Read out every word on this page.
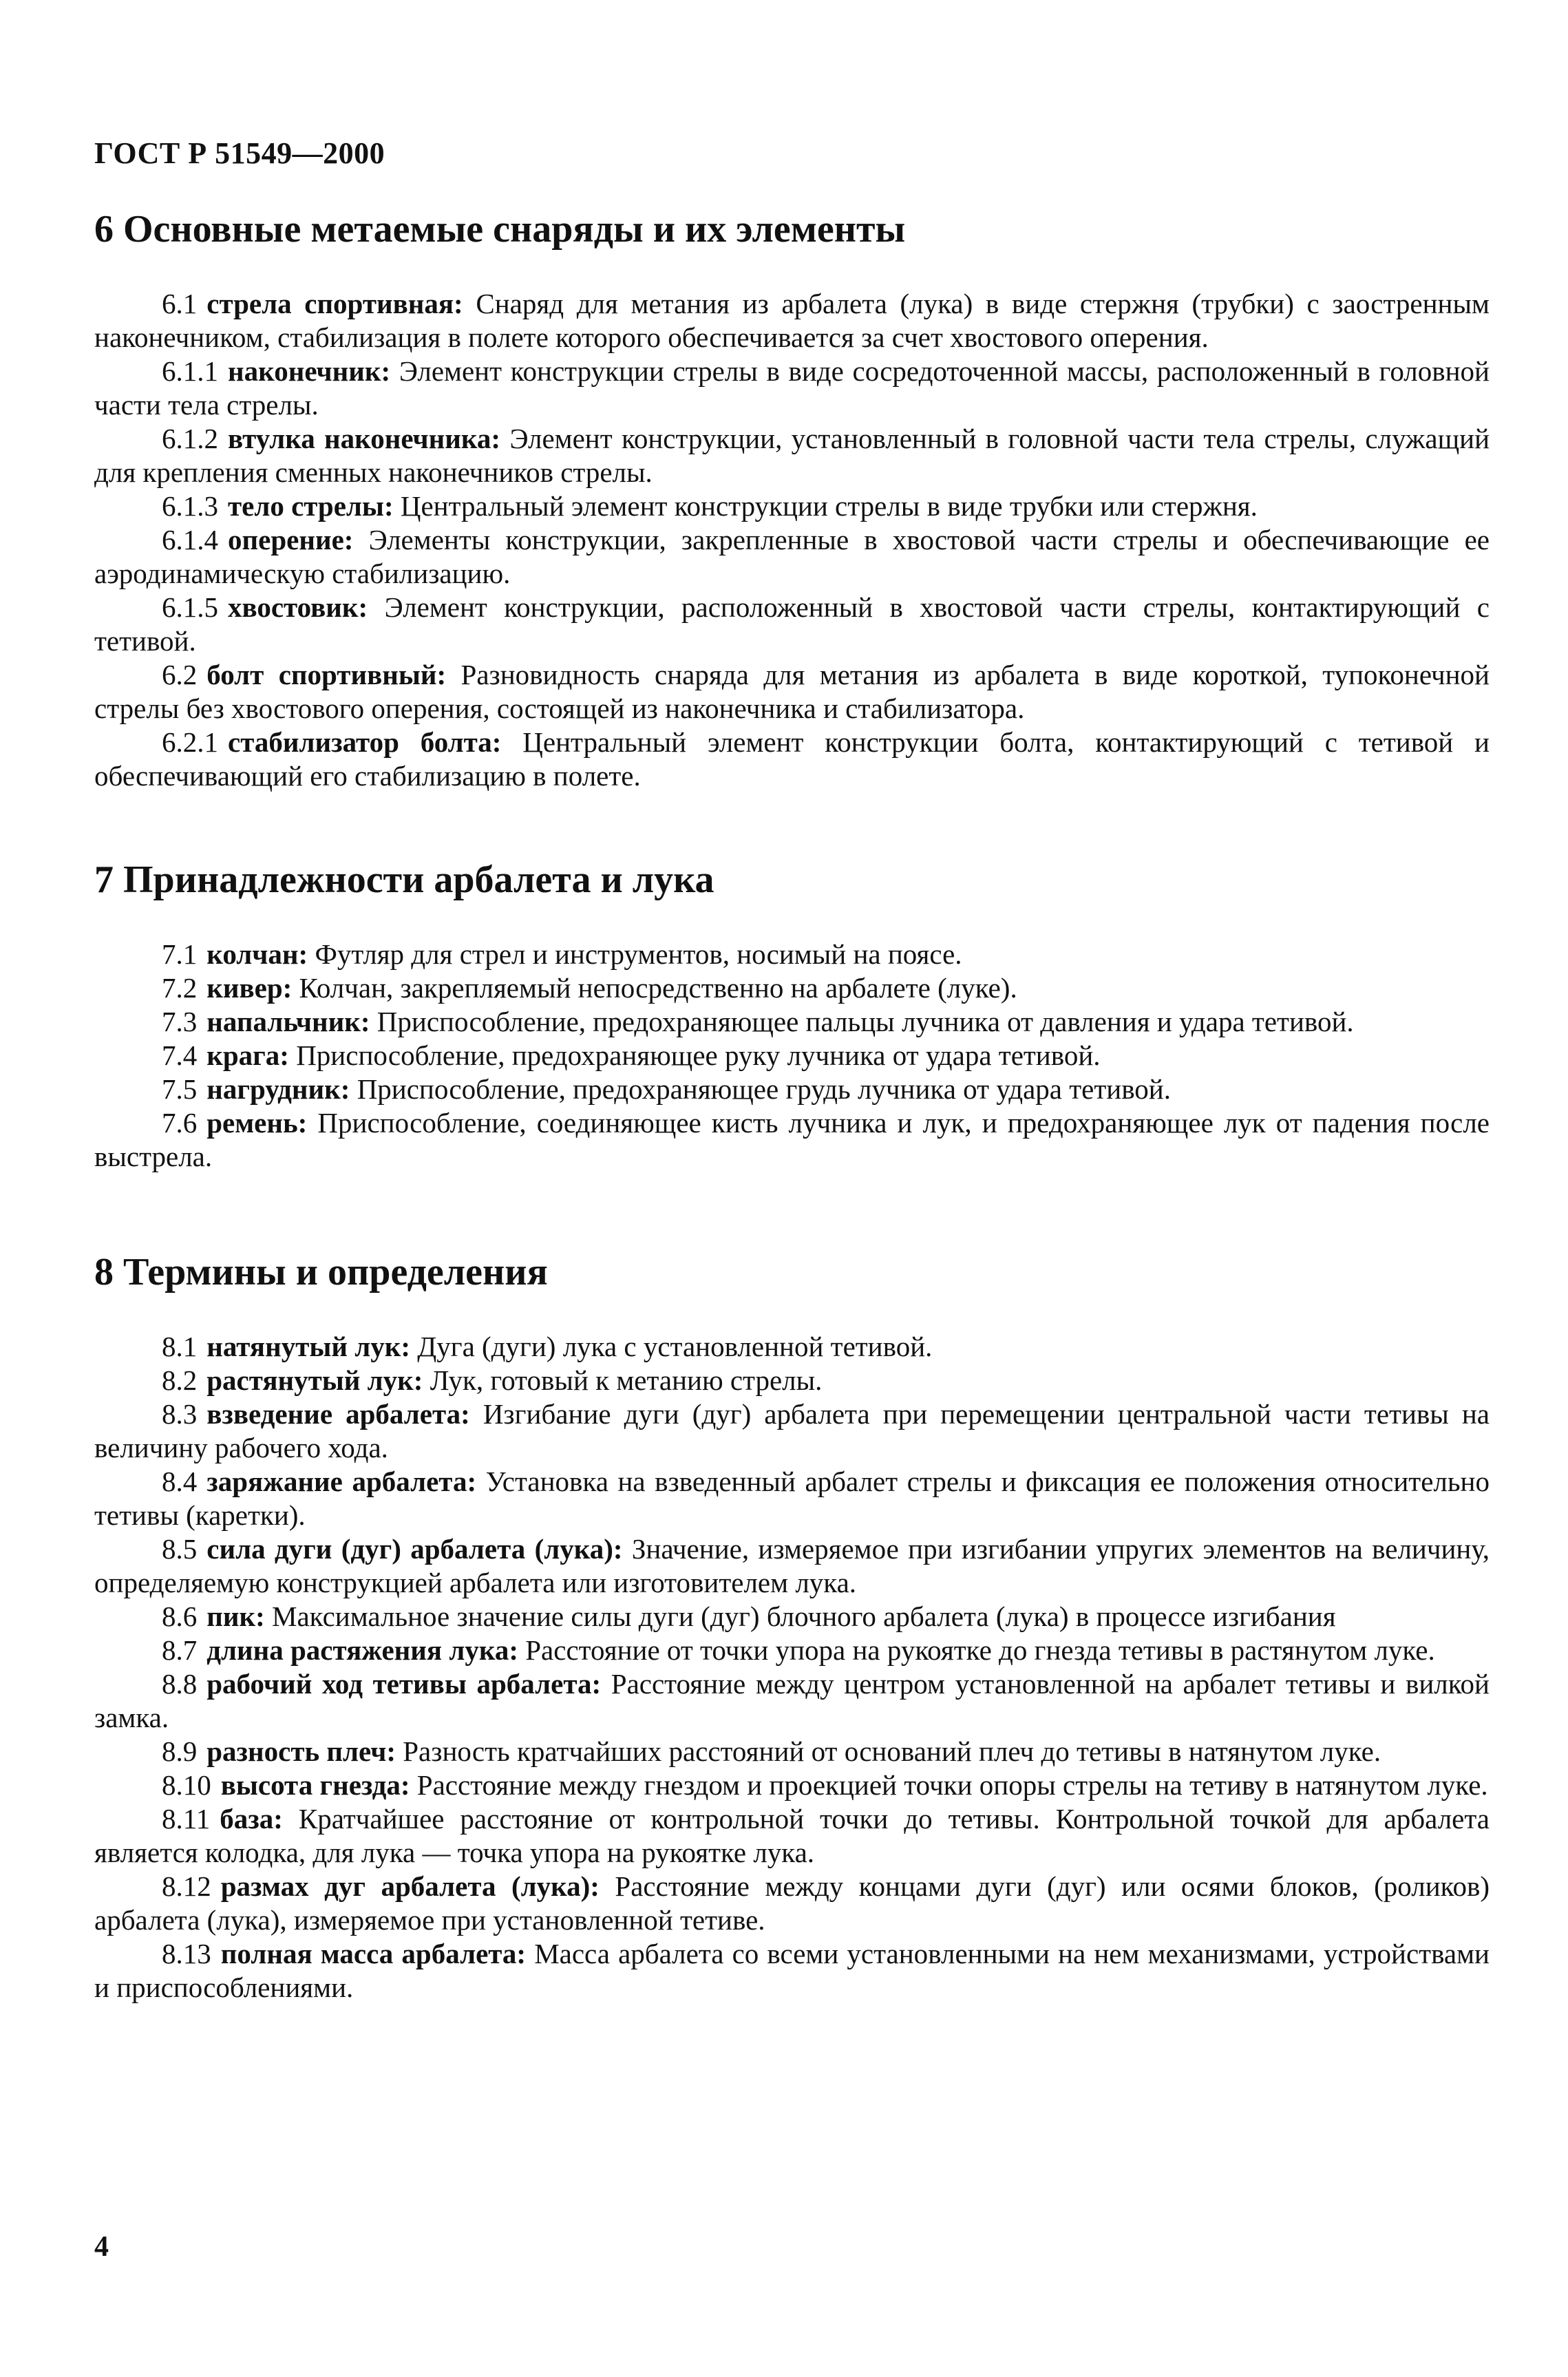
ГОСТ Р 51549—2000
6 Основные метаемые снаряды и их элементы

6.1 стрела спортивная: Снаряд для метания из арбалета (лука) в виде стержня (трубки) с заостренным наконечником, стабилизация в полете которого обеспечивается за счет хвостового оперения.

6.1.1 наконечник: Элемент конструкции стрелы в виде сосредоточенной массы, расположенный в головной части тела стрелы.

6.1.2 втулка наконечника: Элемент конструкции, установленный в головной части тела стрелы, служащий для крепления сменных наконечников стрелы.

6.1.3 тело стрелы: Центральный элемент конструкции стрелы в виде трубки или стержня.

6.1.4 оперение: Элементы конструкции, закрепленные в хвостовой части стрелы и обеспечивающие ее аэродинамическую стабилизацию.

6.1.5 хвостовик: Элемент конструкции, расположенный в хвостовой части стрелы, контактирующий с тетивой.

6.2 болт спортивный: Разновидность снаряда для метания из арбалета в виде короткой, тупоконечной стрелы без хвостового оперения, состоящей из наконечника и стабилизатора.

6.2.1 стабилизатор болта: Центральный элемент конструкции болта, контактирующий с тетивой и обеспечивающий его стабилизацию в полете.

7 Принадлежности арбалета и лука

7.1 колчан: Футляр для стрел и инструментов, носимый на поясе.

7.2 кивер: Колчан, закрепляемый непосредственно на арбалете (луке).

7.3 напальчник: Приспособление, предохраняющее пальцы лучника от давления и удара тетивой.

7.4 крага: Приспособление, предохраняющее руку лучника от удара тетивой.

7.5 нагрудник: Приспособление, предохраняющее грудь лучника от удара тетивой.

7.6 ремень: Приспособление, соединяющее кисть лучника и лук, и предохраняющее лук от падения после выстрела.

8 Термины и определения

8.1 натянутый лук: Дуга (дуги) лука с установленной тетивой.

8.2 растянутый лук: Лук, готовый к метанию стрелы.

8.3 взведение арбалета: Изгибание дуги (дуг) арбалета при перемещении центральной части тетивы на величину рабочего хода.

8.4 заряжание арбалета: Установка на взведенный арбалет стрелы и фиксация ее положения относительно тетивы (каретки).

8.5 сила дуги (дуг) арбалета (лука): Значение, измеряемое при изгибании упругих элементов на величину, определяемую конструкцией арбалета или изготовителем лука.

8.6 пик: Максимальное значение силы дуги (дуг) блочного арбалета (лука) в процессе изгибания

8.7 длина растяжения лука: Расстояние от точки упора на рукоятке до гнезда тетивы в растянутом луке.

8.8 рабочий ход тетивы арбалета: Расстояние между центром установленной на арбалет тетивы и вилкой замка.

8.9 разность плеч: Разность кратчайших расстояний от оснований плеч до тетивы в натянутом луке.

8.10 высота гнезда: Расстояние между гнездом и проекцией точки опоры стрелы на тетиву в натянутом луке.

8.11 база: Кратчайшее расстояние от контрольной точки до тетивы. Контрольной точкой для арбалета является колодка, для лука — точка упора на рукоятке лука.

8.12 размах дуг арбалета (лука): Расстояние между концами дуги (дуг) или осями блоков, (роликов) арбалета (лука), измеряемое при установленной тетиве.

8.13 полная масса арбалета: Масса арбалета со всеми установленными на нем механизмами, устройствами и приспособлениями.

4
